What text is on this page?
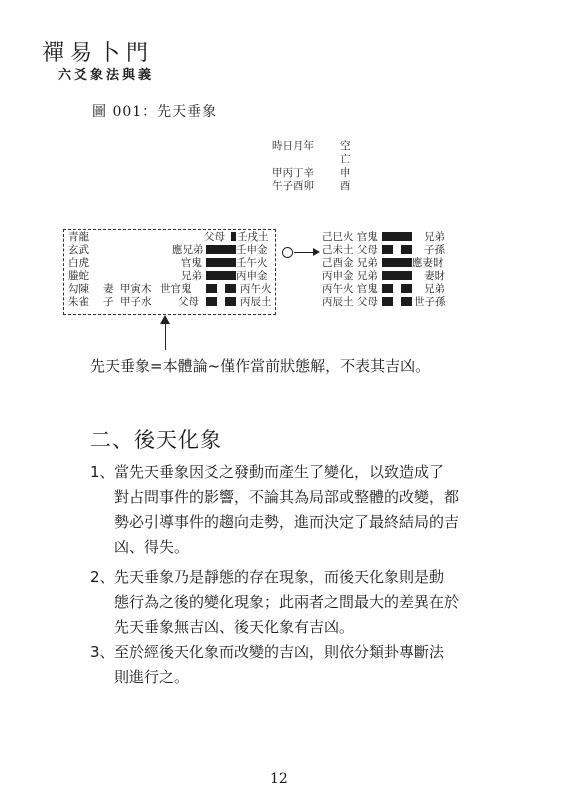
禪易卜門
六爻象法與義
圖 001：先天垂象
時日月年 空
亡
甲丙丁辛 申
午子酉卯 酉
青龍	父母 壬戌土
玄武	應兄弟	壬申金
白虎	官鬼	壬午火
螣蛇	兄弟	丙申金
勾陳 妻 甲寅木 世官鬼	丙午火
朱雀 子 甲子水	父母	丙辰土
己巳火 官鬼	兄弟
己未土 父母	子孫
己酉金 兄弟	應妻財
丙申金 兄弟	妻財
丙午火 官鬼	兄弟
丙辰土 父母	世子孫
先天垂象=本體論~僅作當前狀態解，不表其吉凶。
二、後天化象
1、 當先天垂象因爻之發動而產生了變化，以致造成了
對占問事件的影響，不論其為局部或整體的改變，都
勢必引導事件的趨向走勢，進而決定了最終結局的吉
凶、得失。
2、 先天垂象乃是靜態的存在現象，而後天化象則是動
態行為之後的變化現象；此兩者之間最大的差異在於
先天垂象無吉凶、後天化象有吉凶。
3、 至於經後天化象而改變的吉凶，則依分類卦專斷法
則進行之。
12
